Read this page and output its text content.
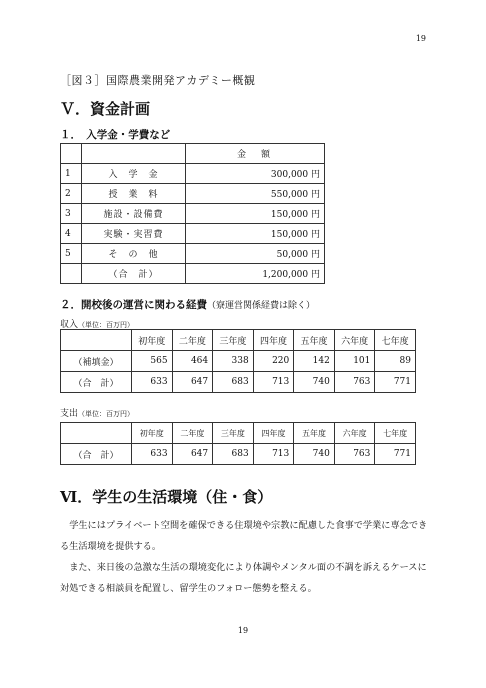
19
［図３］国際農業開発アカデミー概観
Ｖ．資金計画
１．　入学金・学費など
		金　額
1	入　学　金	300,000 円
2	授　業　料	550,000 円
3	施設・設備費	150,000 円
4	実験・実習費	150,000 円
5	そ　の　他	50,000 円
	（合　計）	1,200,000 円
２．開校後の運営に関わる経費（寮運営関係経費は除く）
収入（単位：百万円）
	初年度	二年度	三年度	四年度	五年度	六年度	七年度
（補填金）	565	464	338	220	142	101	89
（合　計）	633	647	683	713	740	763	771
支出（単位：百万円）
	初年度	二年度	三年度	四年度	五年度	六年度	七年度
（合　計）	633	647	683	713	740	763	771
Ⅵ．学生の生活環境（住・食）
学生にはプライベート空間を確保できる住環境や宗教に配慮した食事で学業に専念できる生活環境を提供する。
また、来日後の急激な生活の環境変化により体調やメンタル面の不調を訴えるケースに対処できる相談員を配置し、留学生のフォロー態勢を整える。
19
